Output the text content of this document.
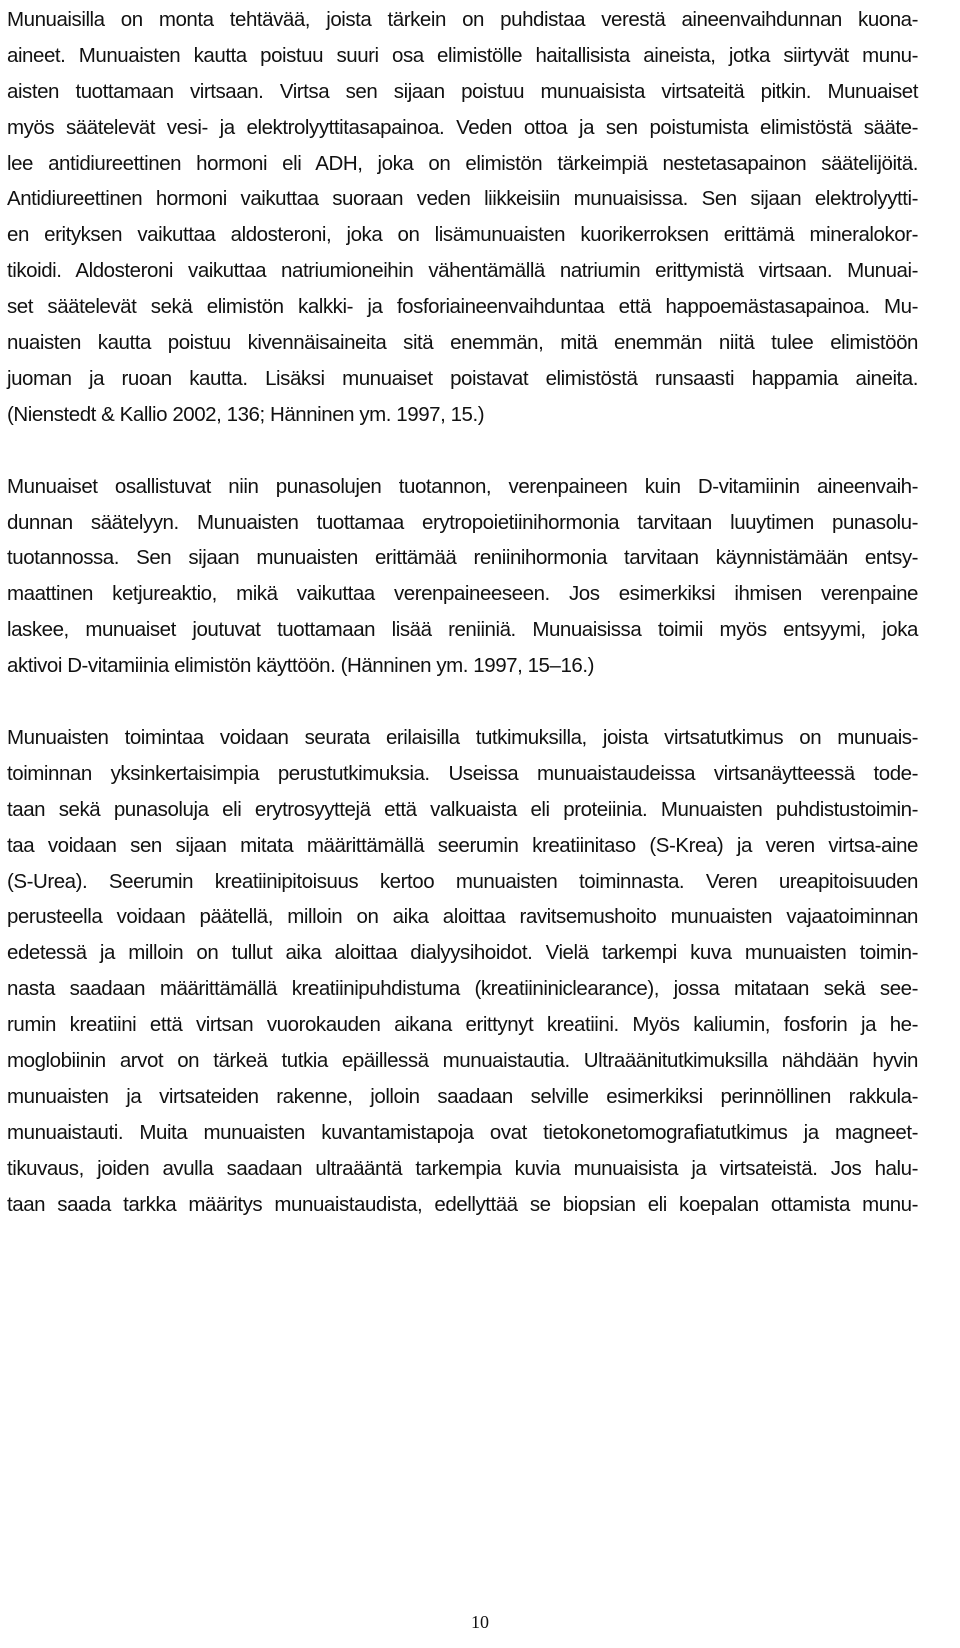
Munuaisilla on monta tehtävää, joista tärkein on puhdistaa verestä aineenvaihdunnan kuona-
aineet. Munuaisten kautta poistuu suuri osa elimistölle haitallisista aineista, jotka siirtyvät munu-
aisten tuottamaan virtsaan. Virtsa sen sijaan poistuu munuaisista virtsateitä pitkin. Munuaiset
myös säätelevät vesi- ja elektrolyyttitasapainoa. Veden ottoa ja sen poistumista elimistöstä sääte-
lee antidiureettinen hormoni eli ADH, joka on elimistön tärkeimpiä nestetasapainon säätelijöitä.
Antidiureettinen hormoni vaikuttaa suoraan veden liikkeisiin munuaisissa. Sen sijaan elektrolyytti-
en erityksen vaikuttaa aldosteroni, joka on lisämunuaisten kuorikerroksen erittämä mineralokor-
tikoidi. Aldosteroni vaikuttaa natriumioneihin vähentämällä natriumin erittymistä virtsaan. Munuai-
set säätelevät sekä elimistön kalkki- ja fosforiaineenvaihduntaa että happoemästasapainoa. Mu-
nuaisten kautta poistuu kivennäisaineita sitä enemmän, mitä enemmän niitä tulee elimistöön
juoman ja ruoan kautta. Lisäksi munuaiset poistavat elimistöstä runsaasti happamia aineita.
(Nienstedt & Kallio 2002, 136; Hänninen ym. 1997, 15.)
Munuaiset osallistuvat niin punasolujen tuotannon, verenpaineen kuin D-vitamiinin aineenvaih-
dunnan säätelyyn. Munuaisten tuottamaa erytropoietiinihormonia tarvitaan luuytimen punasolu-
tuotannossa. Sen sijaan munuaisten erittämää reniinihormonia tarvitaan käynnistämään entsy-
maattinen ketjureaktio, mikä vaikuttaa verenpaineeseen. Jos esimerkiksi ihmisen verenpaine
laskee, munuaiset joutuvat tuottamaan lisää reniiniä. Munuaisissa toimii myös entsyymi, joka
aktivoi D-vitamiinia elimistön käyttöön. (Hänninen ym. 1997, 15–16.)
Munuaisten toimintaa voidaan seurata erilaisilla tutkimuksilla, joista virtsatutkimus on munuais-
toiminnan yksinkertaisimpia perustutkimuksia. Useissa munuaistaudeissa virtsanäytteessä tode-
taan sekä punasoluja eli erytrosyyttejä että valkuaista eli proteiinia. Munuaisten puhdistustoimin-
taa voidaan sen sijaan mitata määrittämällä seerumin kreatiinitaso (S-Krea) ja veren virtsa-aine
(S-Urea). Seerumin kreatiinipitoisuus kertoo munuaisten toiminnasta. Veren ureapitoisuuden
perusteella voidaan päätellä, milloin on aika aloittaa ravitsemushoito munuaisten vajaatoiminnan
edetessä ja milloin on tullut aika aloittaa dialyysihoidot. Vielä tarkempi kuva munuaisten toimin-
nasta saadaan määrittämällä kreatiinipuhdistuma (kreatiininiclearance), jossa mitataan sekä see-
rumin kreatiini että virtsan vuorokauden aikana erittynyt kreatiini. Myös kaliumin, fosforin ja he-
moglobiinin arvot on tärkeä tutkia epäillessä munuaistautia. Ultraäänitutkimuksilla nähdään hyvin
munuaisten ja virtsateiden rakenne, jolloin saadaan selville esimerkiksi perinnöllinen rakkula-
munuaistauti. Muita munuaisten kuvantamistapoja ovat tietokonetomografiatutkimus ja magneet-
tikuvaus, joiden avulla saadaan ultraääntä tarkempia kuvia munuaisista ja virtsateistä. Jos halu-
taan saada tarkka määritys munuaistaudista, edellyttää se biopsian eli koepalan ottamista munu-
10
